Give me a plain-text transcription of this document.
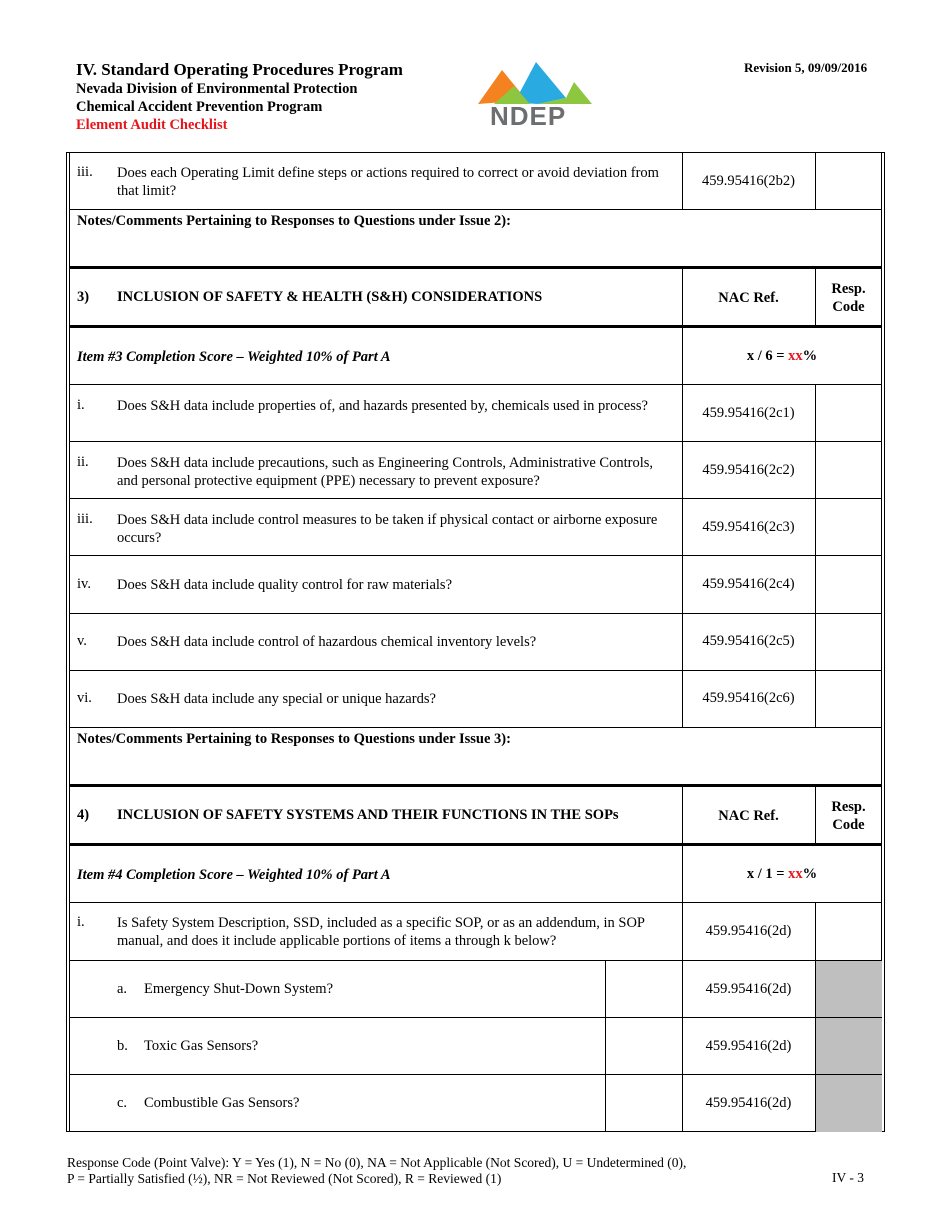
IV. Standard Operating Procedures Program
Nevada Division of Environmental Protection
Chemical Accident Prevention Program
Element Audit Checklist	NDEP
Revision 5, 09/09/2016
iii. Does each Operating Limit define steps or actions required to correct or avoid deviation from that limit?
459.95416(2b2)
Notes/Comments Pertaining to Responses to Questions under Issue 2):
3) INCLUSION OF SAFETY & HEALTH (S&H) CONSIDERATIONS	NAC Ref.
Resp.
Code
Item #3 Completion Score – Weighted 10% of Part A	x / 6 = xx%
i. Does S&H data include properties of, and hazards presented by, chemicals used in process?	459.95416(2c1)
ii. Does S&H data include precautions, such as Engineering Controls, Administrative Controls, and personal protective equipment (PPE) necessary to prevent exposure?
459.95416(2c2)
iii. Does S&H data include control measures to be taken if physical contact or airborne exposure occurs?
459.95416(2c3)
iv. Does S&H data include quality control for raw materials?	459.95416(2c4)
v. Does S&H data include control of hazardous chemical inventory levels?	459.95416(2c5)
vi. Does S&H data include any special or unique hazards?	459.95416(2c6)
Notes/Comments Pertaining to Responses to Questions under Issue 3):
4) INCLUSION OF SAFETY SYSTEMS AND THEIR FUNCTIONS IN THE SOPs	NAC Ref.
Resp.
Code
Item #4 Completion Score – Weighted 10% of Part A	x / 1 = xx%
i. Is Safety System Description, SSD, included as a specific SOP, or as an addendum, in SOP manual, and does it include applicable portions of items a through k below?
459.95416(2d)
a. Emergency Shut-Down System?	459.95416(2d)
b. Toxic Gas Sensors?	459.95416(2d)
c. Combustible Gas Sensors?	459.95416(2d)
Response Code (Point Valve): Y = Yes (1), N = No (0), NA = Not Applicable (Not Scored), U = Undetermined (0),
P = Partially Satisfied (½), NR = Not Reviewed (Not Scored), R = Reviewed (1)	IV - 3
